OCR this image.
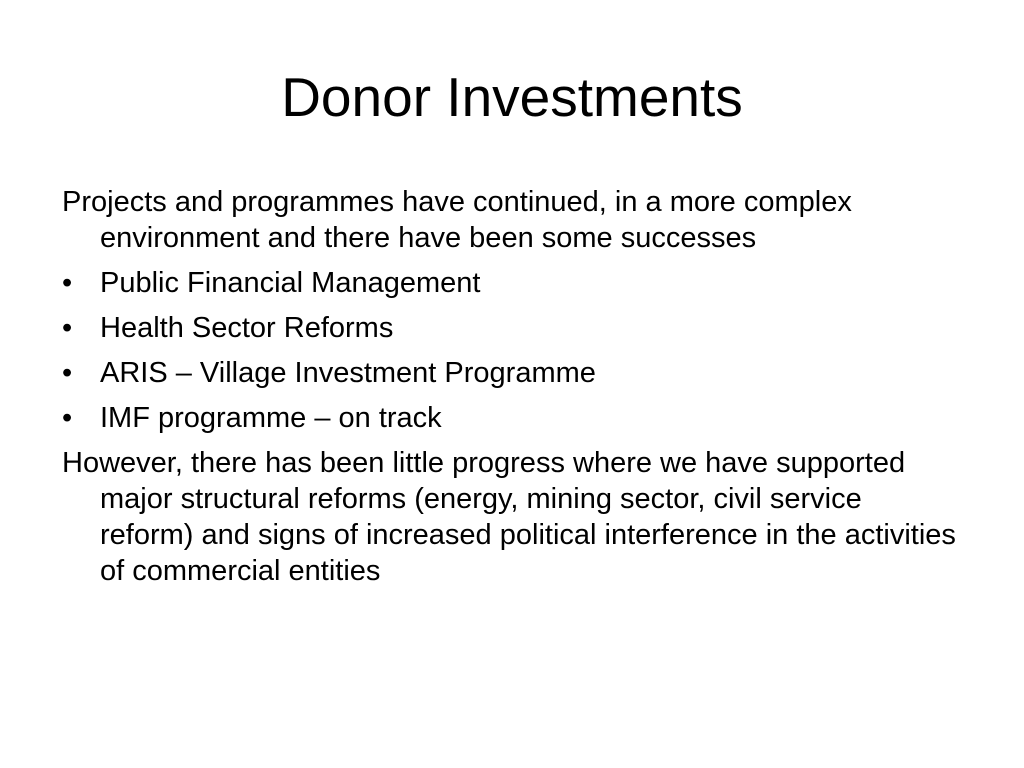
Donor Investments

Projects and programmes have continued, in a more complex environment and there have been some successes

• Public Financial Management
• Health Sector Reforms
• ARIS – Village Investment Programme
• IMF programme – on track

However, there has been little progress where we have supported major structural reforms (energy, mining sector, civil service reform) and signs of increased political interference in the activities of commercial entities
